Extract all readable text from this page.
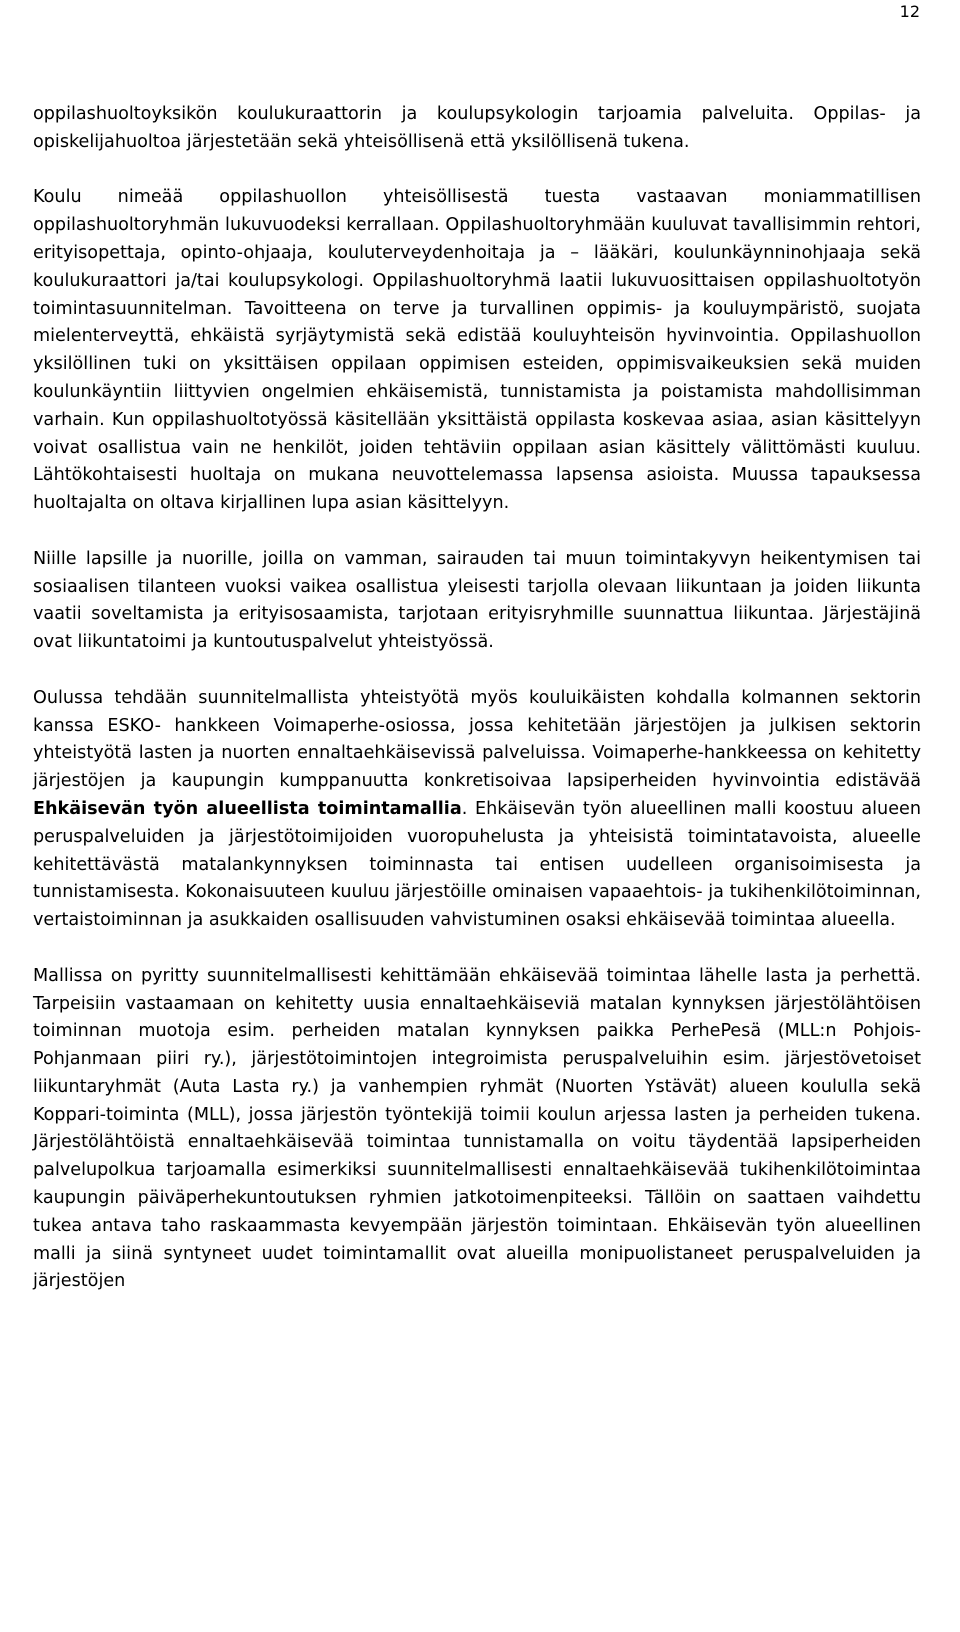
12

oppilashuoltoyksikön koulukuraattorin ja koulupsykologin tarjoamia palveluita. Oppilas- ja opiskelijahuoltoa järjestetään sekä yhteisöllisenä että yksilöllisenä tukena.

Koulu nimeää oppilashuollon yhteisöllisestä tuesta vastaavan moniammatillisen oppilashuoltoryhmän lukuvuodeksi kerrallaan. Oppilashuoltoryhmään kuuluvat tavallisimmin rehtori, erityisopettaja, opinto-ohjaaja, kouluterveydenhoitaja ja – lääkäri, koulunkäynninohjaaja sekä koulukuraattori ja/tai koulupsykologi. Oppilashuoltoryhmä laatii lukuvuosittaisen oppilashuoltotyön toimintasuunnitelman. Tavoitteena on terve ja turvallinen oppimis- ja kouluympäristö, suojata mielenterveyttä, ehkäistä syrjäytymistä sekä edistää kouluyhteisön hyvinvointia. Oppilashuollon yksilöllinen tuki on yksittäisen oppilaan oppimisen esteiden, oppimisvaikeuksien sekä muiden koulunkäyntiin liittyvien ongelmien ehkäisemistä, tunnistamista ja poistamista mahdollisimman varhain. Kun oppilashuoltotyössä käsitellään yksittäistä oppilasta koskevaa asiaa, asian käsittelyyn voivat osallistua vain ne henkilöt, joiden tehtäviin oppilaan asian käsittely välittömästi kuuluu. Lähtökohtaisesti huoltaja on mukana neuvottelemassa lapsensa asioista. Muussa tapauksessa huoltajalta on oltava kirjallinen lupa asian käsittelyyn.

Niille lapsille ja nuorille, joilla on vamman, sairauden tai muun toimintakyvyn heikentymisen tai sosiaalisen tilanteen vuoksi vaikea osallistua yleisesti tarjolla olevaan liikuntaan ja joiden liikunta vaatii soveltamista ja erityisosaamista, tarjotaan erityisryhmille suunnattua liikuntaa. Järjestäjinä ovat liikuntatoimi ja kuntoutuspalvelut yhteistyössä.

Oulussa tehdään suunnitelmallista yhteistyötä myös kouluikäisten kohdalla kolmannen sektorin kanssa ESKO- hankkeen Voimaperhe-osiossa, jossa kehitetään järjestöjen ja julkisen sektorin yhteistyötä lasten ja nuorten ennaltaehkäisevissä palveluissa. Voimaperhe-hankkeessa on kehitetty järjestöjen ja kaupungin kumppanuutta konkretisoivaa lapsiperheiden hyvinvointia edistävää Ehkäisevän työn alueellista toimintamallia. Ehkäisevän työn alueellinen malli koostuu alueen peruspalveluiden ja järjestötoimijoiden vuoropuhelusta ja yhteisistä toimintatavoista, alueelle kehitettävästä matalankynnyksen toiminnasta tai entisen uudelleen organisoimisesta ja tunnistamisesta. Kokonaisuuteen kuuluu järjestöille ominaisen vapaaehtois- ja tukihenkilötoiminnan, vertaistoiminnan ja asukkaiden osallisuuden vahvistuminen osaksi ehkäisevää toimintaa alueella.

Mallissa on pyritty suunnitelmallisesti kehittämään ehkäisevää toimintaa lähelle lasta ja perhettä. Tarpeisiin vastaamaan on kehitetty uusia ennaltaehkäiseviä matalan kynnyksen järjestölähtöisen toiminnan muotoja esim. perheiden matalan kynnyksen paikka PerhePesä (MLL:n Pohjois-Pohjanmaan piiri ry.), järjestötoimintojen integroimista peruspalveluihin esim. järjestövetoiset liikuntaryhmät (Auta Lasta ry.) ja vanhempien ryhmät (Nuorten Ystävät) alueen koululla sekä Koppari-toiminta (MLL), jossa järjestön työntekijä toimii koulun arjessa lasten ja perheiden tukena. Järjestölähtöistä ennaltaehkäisevää toimintaa tunnistamalla on voitu täydentää lapsiperheiden palvelupolkua tarjoamalla esimerkiksi suunnitelmallisesti ennaltaehkäisevää tukihenkilötoimintaa kaupungin päiväperhekuntoutuksen ryhmien jatkotoimenpiteeksi. Tällöin on saattaen vaihdettu tukea antava taho raskaammasta kevyempään järjestön toimintaan. Ehkäisevän työn alueellinen malli ja siinä syntyneet uudet toimintamallit ovat alueilla monipuolistaneet peruspalveluiden ja järjestöjen
